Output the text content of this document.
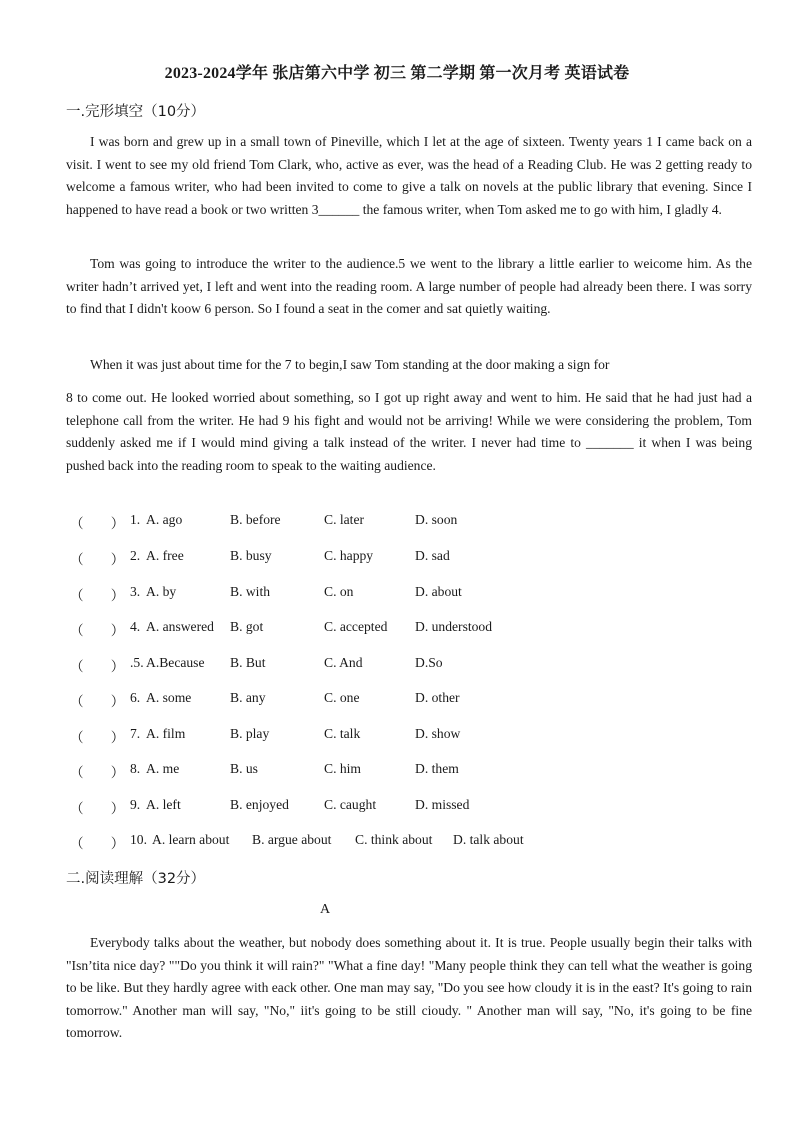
2023-2024学年 张店第六中学 初三 第二学期 第一次月考 英语试卷
一.完形填空（10分）
I was born and grew up in a small town of Pineville, which I let at the age of sixteen. Twenty years 1 I came back on a visit. I went to see my old friend Tom Clark, who, active as ever, was the head of a Reading Club. He was 2 getting ready to welcome a famous writer, who had been invited to come to give a talk on novels at the public library that evening. Since I happened to have read a book or two written 3______ the famous writer, when Tom asked me to go with him, I gladly 4.
Tom was going to introduce the writer to the audience.5 we went to the library a little earlier to weicome him. As the writer hadn’t arrived yet, I left and went into the reading room. A large number of people had already been there. I was sorry to find that I didn't koow 6 person. So I found a seat in the comer and sat quietly waiting.
When it was just about time for the 7 to begin,I saw Tom standing at the door making a sign for
8 to come out. He looked worried about something, so I got up right away and went to him. He said that he had just had a telephone call from the writer. He had 9 his fight and would not be arriving! While we were considering the problem, Tom suddenly asked me if I would mind giving a talk instead of the writer. I never had time to _______ it when I was being pushed back into the reading room to speak to the waiting audience.
（　　） 1. A. ago	B. before	C. later	D. soon
（　　） 2. A. free	B. busy	C. happy	D. sad
（　　） 3. A. by	B. with	C. on	D. about
（　　） 4. A. answered B. got	C. accepted D. understood
（　　） .5. A.Because B. But	C. And	D.So
（　　） 6. A. some	B. any	C. one	D. other
（　　） 7. A. film	B. play	C. talk	D. show
（　　） 8. A. me	B. us	C. him	D. them
（　　） 9. A. left	B. enjoyed	C. caught	D. missed
（　　） 10. A. learn about B. argue about C. think about D. talk about
二.阅读理解（32分）
A
Everybody talks about the weather, but nobody does something about it. It is true. People usually begin their talks with "Isn’tita nice day? ""Do you think it will rain?" "What a fine day! "Many people think they can tell what the weather is going to be like. But they hardly agree with eack other. One man may say, "Do you see how cloudy it is in the east? It's going to rain tomorrow." Another man will say, "No," iit's going to be still cioudy. " Another man will say, "No, it's going to be fine tomorrow.
